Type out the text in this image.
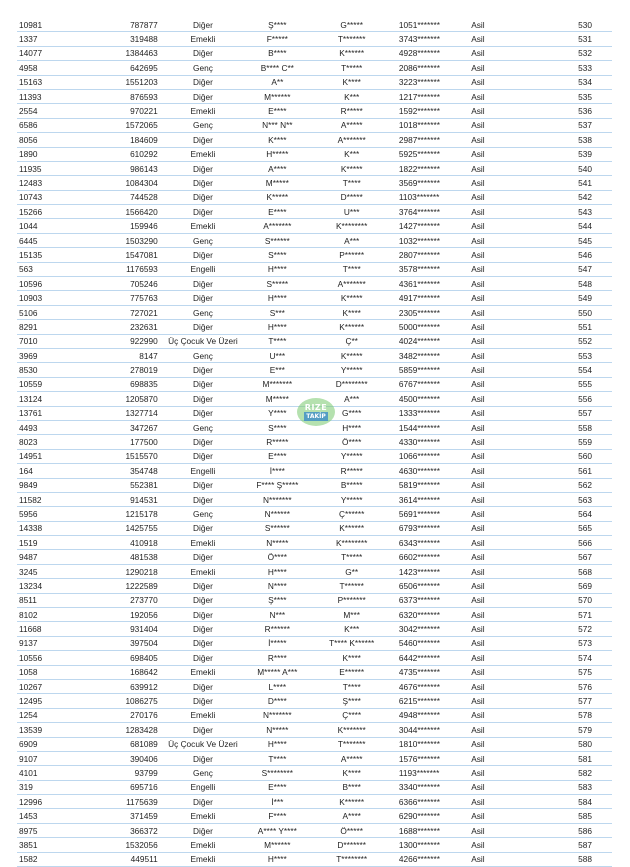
10981	787877	Diğer	Ş****	G*****	1051*******	Asil	530
1337	319488	Emekli	F*****	T*******	3743*******	Asil	531
14077	1384463	Diğer	B****	K******	4928*******	Asil	532
4958	642695	Genç	B**** C**	T*****	2086*******	Asil	533
15163	1551203	Diğer	A**	K****	3223*******	Asil	534
11393	876593	Diğer	M******	K***	1217*******	Asil	535
2554	970221	Emekli	E****	R*****	1592*******	Asil	536
6586	1572065	Genç	N*** N**	A*****	1018*******	Asil	537
8056	184609	Diğer	K****	A*******	2987*******	Asil	538
1890	610292	Emekli	H*****	K***	5925*******	Asil	539
11935	986143	Diğer	A****	K*****	1822*******	Asil	540
12483	1084304	Diğer	M*****	T****	3569*******	Asil	541
10743	744528	Diğer	K*****	D*****	1103*******	Asil	542
15266	1566420	Diğer	E****	U***	3764*******	Asil	543
1044	159946	Emekli	A*******	K********	1427*******	Asil	544
6445	1503290	Genç	S******	A***	1032*******	Asil	545
15135	1547081	Diğer	S****	P******	2807*******	Asil	546
563	1176593	Engelli	H****	T****	3578*******	Asil	547
10596	705246	Diğer	S*****	A*******	4361*******	Asil	548
10903	775763	Diğer	H****	K*****	4917*******	Asil	549
5106	727021	Genç	S***	K****	2305*******	Asil	550
8291	232631	Diğer	H****	K******	5000*******	Asil	551
7010	922990	Üç Çocuk Ve Üzeri	T****	Ç**	4024*******	Asil	552
3969	8147	Genç	U***	K*****	3482*******	Asil	553
8530	278019	Diğer	E***	Y*****	5859*******	Asil	554
10559	698835	Diğer	M*******	D********	6767*******	Asil	555
13124	1205870	Diğer	M*****	A***	4500*******	Asil	556
13761	1327714	Diğer	Y****	G****	1333*******	Asil	557
4493	347267	Genç	S****	H****	1544*******	Asil	558
8023	177500	Diğer	R*****	Ö****	4330*******	Asil	559
14951	1515570	Diğer	E****	Y*****	1066*******	Asil	560
164	354748	Engelli	İ****	R*****	4630*******	Asil	561
9849	552381	Diğer	F**** Ş*****	B*****	5819*******	Asil	562
11582	914531	Diğer	N*******	Y*****	3614*******	Asil	563
5956	1215178	Genç	N******	Ç******	5691*******	Asil	564
14338	1425755	Diğer	S******	K******	6793*******	Asil	565
1519	410918	Emekli	N*****	K********	6343*******	Asil	566
9487	481538	Diğer	Ö****	T*****	6602*******	Asil	567
3245	1290218	Emekli	H****	G**	1423*******	Asil	568
13234	1222589	Diğer	N****	T******	6506*******	Asil	569
8511	273770	Diğer	Ş****	P*******	6373*******	Asil	570
8102	192056	Diğer	N***	M***	6320*******	Asil	571
11668	931404	Diğer	R******	K***	3042*******	Asil	572
9137	397504	Diğer	İ*****	T**** K******	5460*******	Asil	573
10556	698405	Diğer	R****	K****	6442*******	Asil	574
1058	168642	Emekli	M***** A***	E******	4735*******	Asil	575
10267	639912	Diğer	L****	T****	4676*******	Asil	576
12495	1086275	Diğer	D****	Ş****	6215*******	Asil	577
1254	270176	Emekli	N*******	Ç****	4948*******	Asil	578
13539	1283428	Diğer	N*****	K*******	3044*******	Asil	579
6909	681089	Üç Çocuk Ve Üzeri	H****	T*******	1810*******	Asil	580
9107	390406	Diğer	T****	A*****	1576*******	Asil	581
4101	93799	Genç	S********	K****	1193*******	Asil	582
319	695716	Engelli	E****	B****	3340*******	Asil	583
12996	1175639	Diğer	İ***	K******	6366*******	Asil	584
1453	371459	Emekli	F****	A****	6290*******	Asil	585
8975	366372	Diğer	A**** Y****	Ö*****	1688*******	Asil	586
3851	1532056	Emekli	M******	D*******	1300*******	Asil	587
1582	449511	Emekli	H****	T********	4266*******	Asil	588
RIZE
TAKİP
